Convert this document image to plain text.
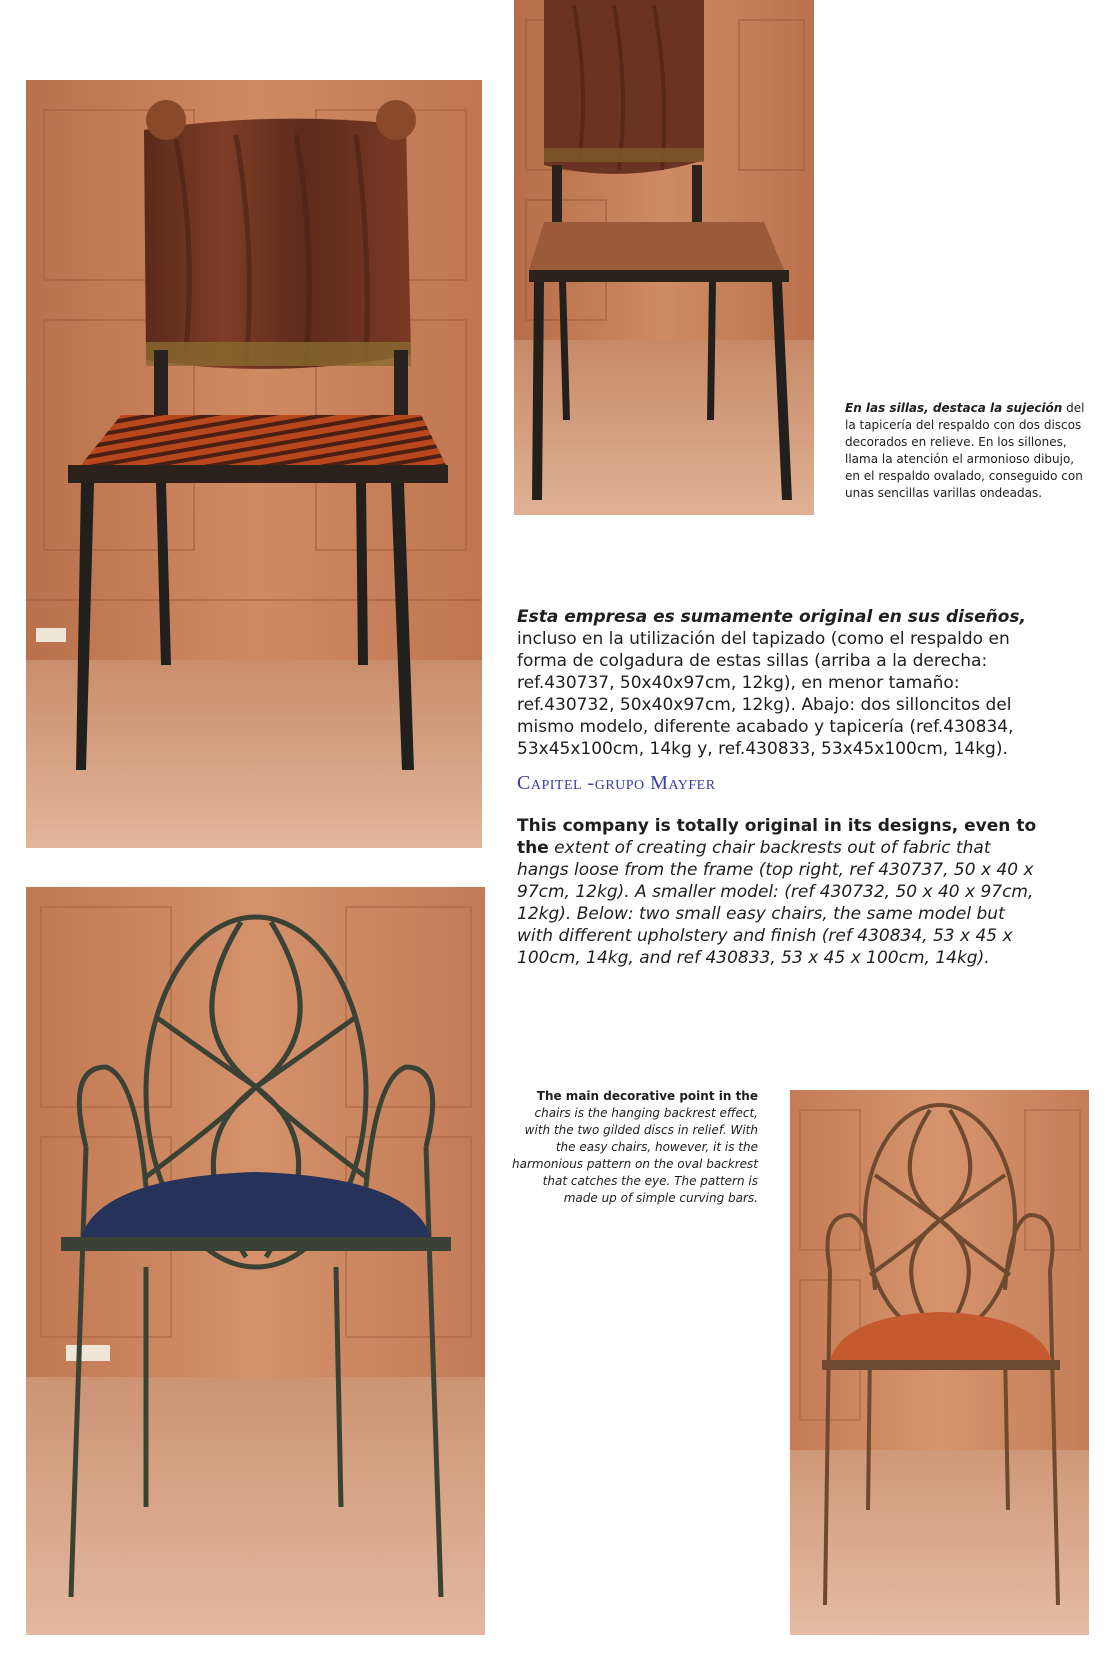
En las sillas, destaca la sujeción del la tapicería del respaldo con dos discos decorados en relieve. En los sillones, llama la atención el armonioso dibujo, en el respaldo ovalado, conseguido con unas sencillas varillas ondeadas.
Esta empresa es sumamente original en sus diseños, incluso en la utilización del tapizado (como el respaldo en forma de colgadura de estas sillas (arriba a la derecha: ref.430737, 50x40x97cm, 12kg), en menor tamaño: ref.430732, 50x40x97cm, 12kg). Abajo: dos silloncitos del mismo modelo, diferente acabado y tapicería (ref.430834, 53x45x100cm, 14kg y, ref.430833, 53x45x100cm, 14kg).
Capitel -grupo Mayfer
This company is totally original in its designs, even to the extent of creating chair backrests out of fabric that hangs loose from the frame (top right, ref 430737, 50 x 40 x 97cm, 12kg). A smaller model: (ref 430732, 50 x 40 x 97cm, 12kg). Below: two small easy chairs, the same model but with different upholstery and finish (ref 430834, 53 x 45 x 100cm, 14kg, and ref 430833, 53 x 45 x 100cm, 14kg).
The main decorative point in the chairs is the hanging backrest effect, with the two gilded discs in relief. With the easy chairs, however, it is the harmonious pattern on the oval backrest that catches the eye. The pattern is made up of simple curving bars.
